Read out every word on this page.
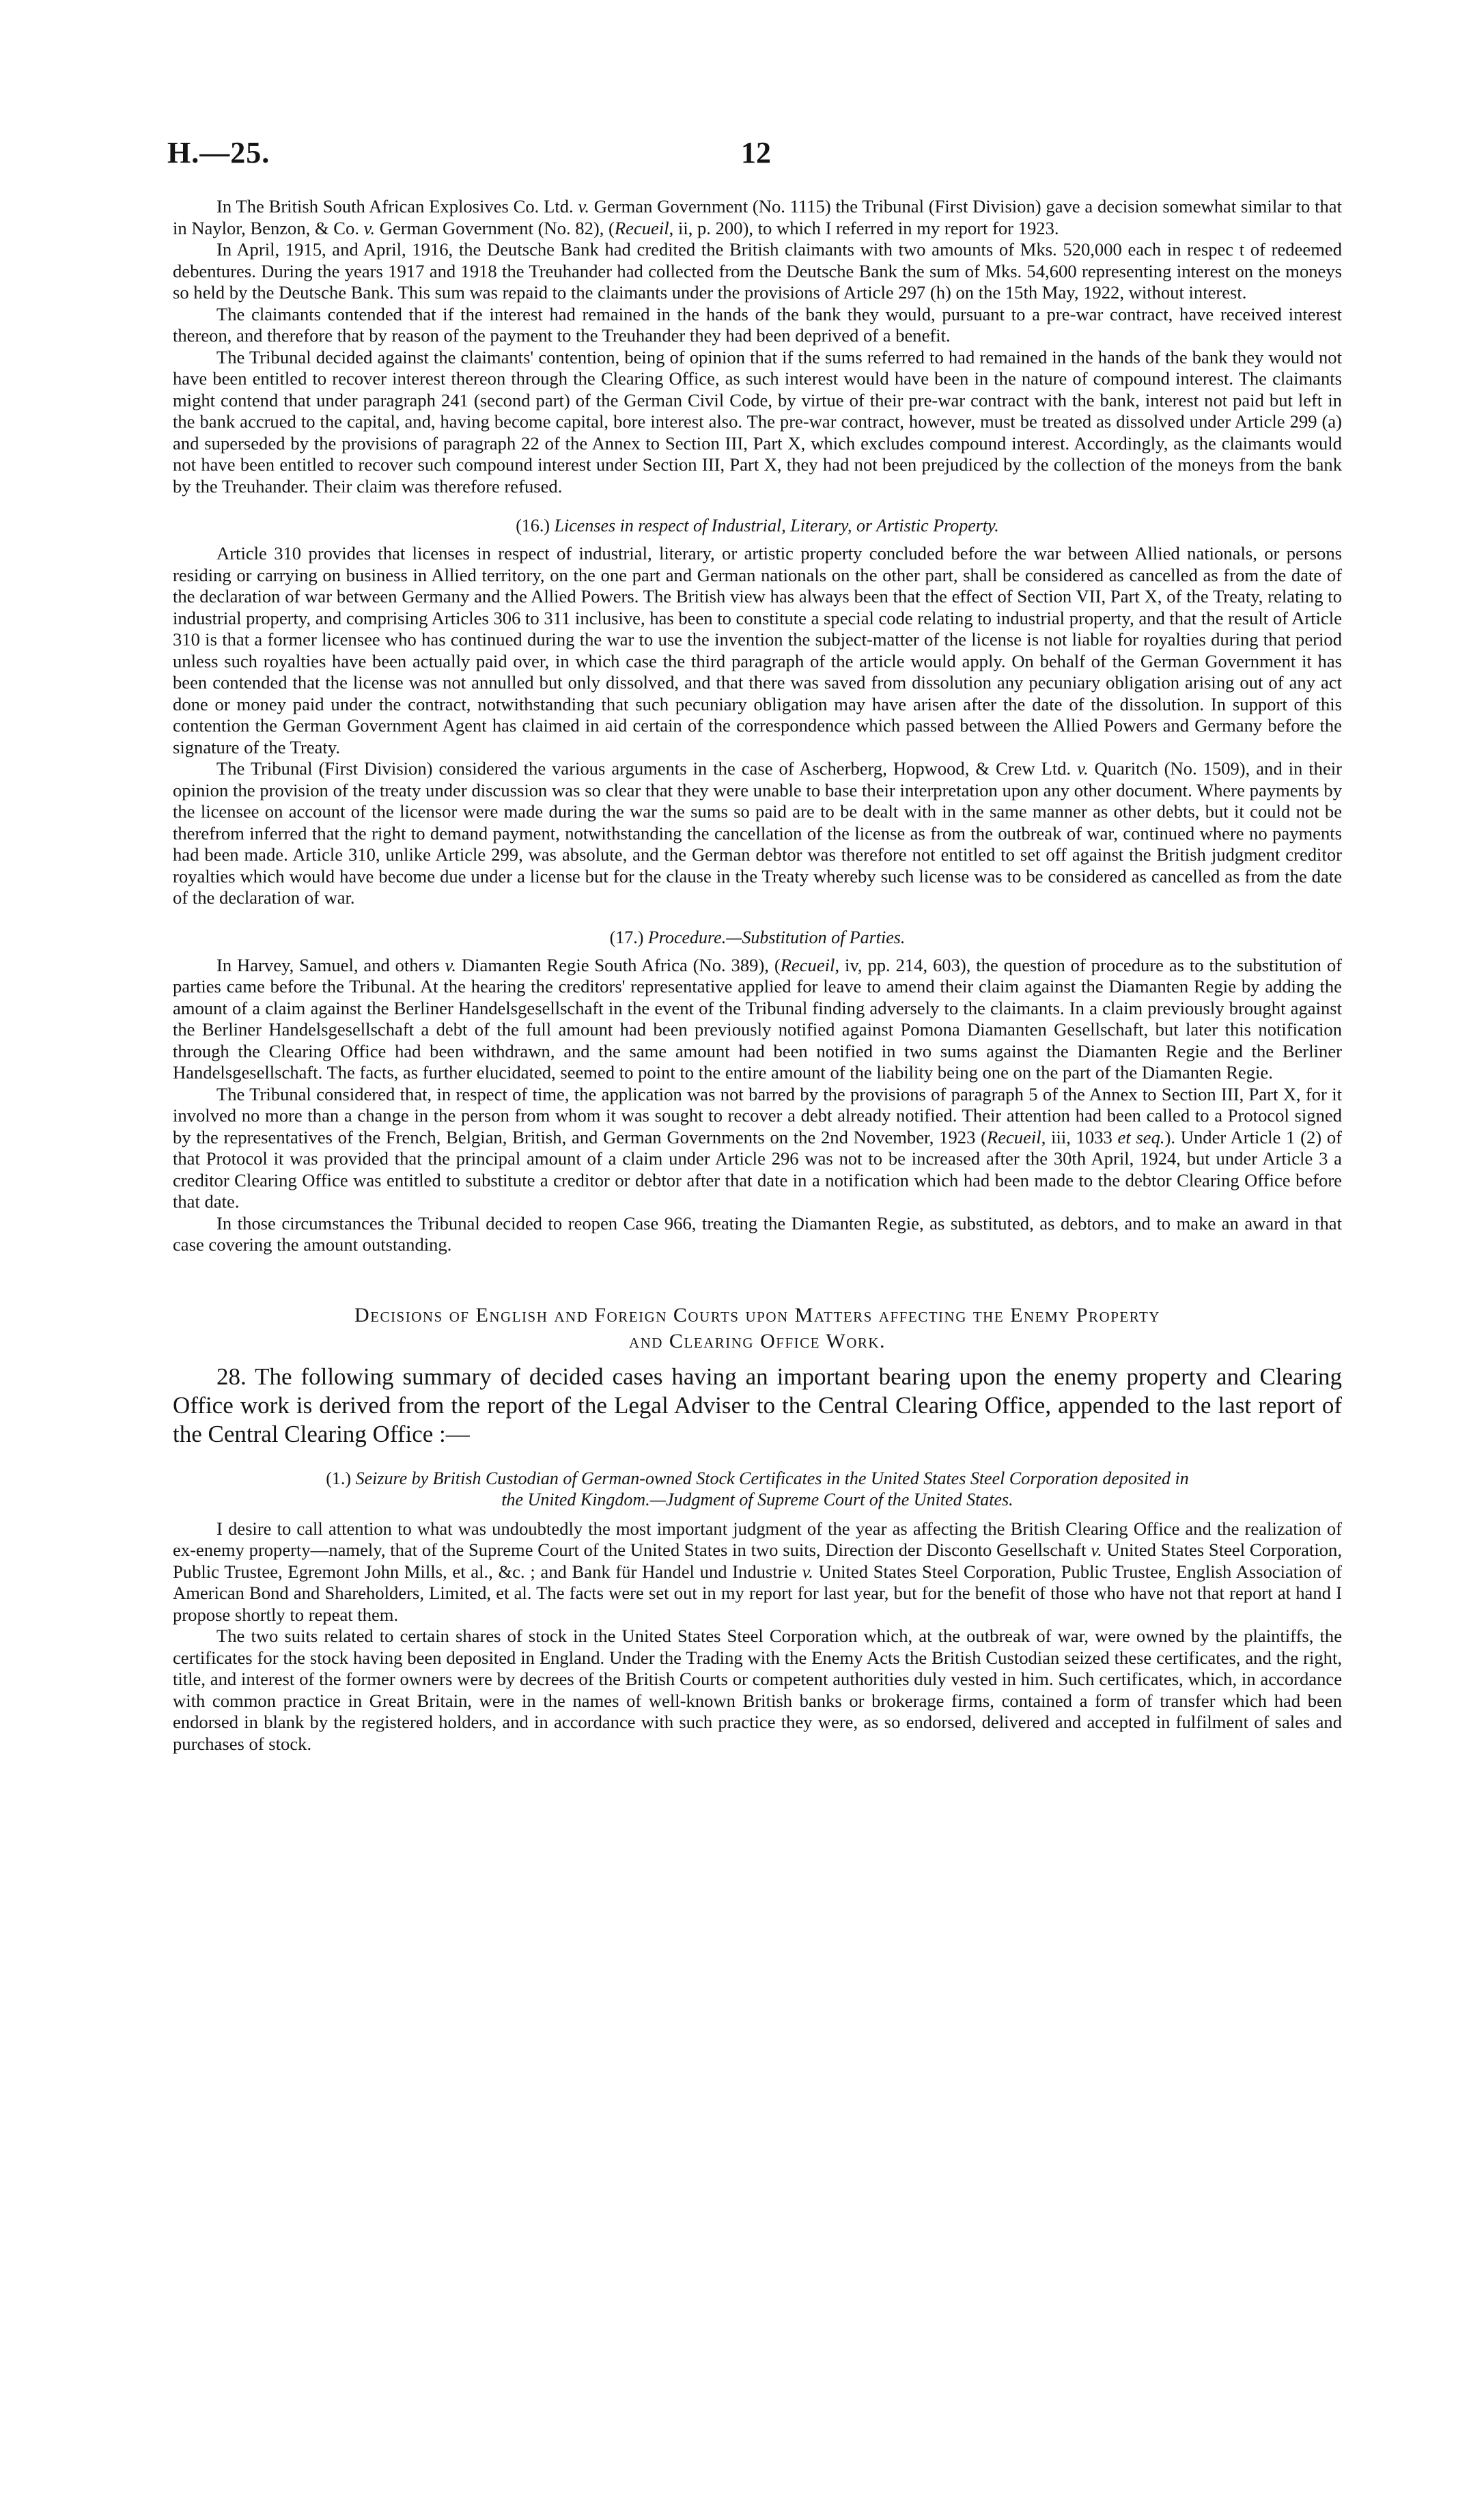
H.—25.	12

In The British South African Explosives Co. Ltd. v. German Government (No. 1115) the Tribunal (First Division) gave a decision somewhat similar to that in Naylor, Benzon, & Co. v. German Government (No. 82), (Recueil, ii, p. 200), to which I referred in my report for 1923.

In April, 1915, and April, 1916, the Deutsche Bank had credited the British claimants with two amounts of Mks. 520,000 each in respec t of redeemed debentures. During the years 1917 and 1918 the Treuhander had collected from the Deutsche Bank the sum of Mks. 54,600 representing interest on the moneys so held by the Deutsche Bank. This sum was repaid to the claimants under the provisions of Article 297 (h) on the 15th May, 1922, without interest.

The claimants contended that if the interest had remained in the hands of the bank they would, pursuant to a pre-war contract, have received interest thereon, and therefore that by reason of the payment to the Treuhander they had been deprived of a benefit.

The Tribunal decided against the claimants' contention, being of opinion that if the sums referred to had remained in the hands of the bank they would not have been entitled to recover interest thereon through the Clearing Office, as such interest would have been in the nature of compound interest. The claimants might contend that under paragraph 241 (second part) of the German Civil Code, by virtue of their pre-war contract with the bank, interest not paid but left in the bank accrued to the capital, and, having become capital, bore interest also. The pre-war contract, however, must be treated as dissolved under Article 299 (a) and superseded by the provisions of paragraph 22 of the Annex to Section III, Part X, which excludes compound interest. Accordingly, as the claimants would not have been entitled to recover such compound interest under Section III, Part X, they had not been prejudiced by the collection of the moneys from the bank by the Treuhander. Their claim was therefore refused.

(16.) Licenses in respect of Industrial, Literary, or Artistic Property.

Article 310 provides that licenses in respect of industrial, literary, or artistic property concluded before the war between Allied nationals, or persons residing or carrying on business in Allied territory, on the one part and German nationals on the other part, shall be considered as cancelled as from the date of the declaration of war between Germany and the Allied Powers. The British view has always been that the effect of Section VII, Part X, of the Treaty, relating to industrial property, and comprising Articles 306 to 311 inclusive, has been to constitute a special code relating to industrial property, and that the result of Article 310 is that a former licensee who has continued during the war to use the invention the subject-matter of the license is not liable for royalties during that period unless such royalties have been actually paid over, in which case the third paragraph of the article would apply. On behalf of the German Government it has been contended that the license was not annulled but only dissolved, and that there was saved from dissolution any pecuniary obligation arising out of any act done or money paid under the contract, notwithstanding that such pecuniary obligation may have arisen after the date of the dissolution. In support of this contention the German Government Agent has claimed in aid certain of the correspondence which passed between the Allied Powers and Germany before the signature of the Treaty.

The Tribunal (First Division) considered the various arguments in the case of Ascherberg, Hopwood, & Crew Ltd. v. Quaritch (No. 1509), and in their opinion the provision of the treaty under discussion was so clear that they were unable to base their interpretation upon any other document. Where payments by the licensee on account of the licensor were made during the war the sums so paid are to be dealt with in the same manner as other debts, but it could not be therefrom inferred that the right to demand payment, notwithstanding the cancellation of the license as from the outbreak of war, continued where no payments had been made. Article 310, unlike Article 299, was absolute, and the German debtor was therefore not entitled to set off against the British judgment creditor royalties which would have become due under a license but for the clause in the Treaty whereby such license was to be considered as cancelled as from the date of the declaration of war.

(17.) Procedure.—Substitution of Parties.

In Harvey, Samuel, and others v. Diamanten Regie South Africa (No. 389), (Recueil, iv, pp. 214, 603), the question of procedure as to the substitution of parties came before the Tribunal. At the hearing the creditors' representative applied for leave to amend their claim against the Diamanten Regie by adding the amount of a claim against the Berliner Handelsgesellschaft in the event of the Tribunal finding adversely to the claimants. In a claim previously brought against the Berliner Handelsgesellschaft a debt of the full amount had been previously notified against Pomona Diamanten Gesellschaft, but later this notification through the Clearing Office had been withdrawn, and the same amount had been notified in two sums against the Diamanten Regie and the Berliner Handelsgesellschaft. The facts, as further elucidated, seemed to point to the entire amount of the liability being one on the part of the Diamanten Regie.

The Tribunal considered that, in respect of time, the application was not barred by the provisions of paragraph 5 of the Annex to Section III, Part X, for it involved no more than a change in the person from whom it was sought to recover a debt already notified. Their attention had been called to a Protocol signed by the representatives of the French, Belgian, British, and German Governments on the 2nd November, 1923 (Recueil, iii, 1033 et seq.). Under Article 1 (2) of that Protocol it was provided that the principal amount of a claim under Article 296 was not to be increased after the 30th April, 1924, but under Article 3 a creditor Clearing Office was entitled to substitute a creditor or debtor after that date in a notification which had been made to the debtor Clearing Office before that date.

In those circumstances the Tribunal decided to reopen Case 966, treating the Diamanten Regie, as substituted, as debtors, and to make an award in that case covering the amount outstanding.

Decisions of English and Foreign Courts upon Matters affecting the Enemy Property
and Clearing Office Work.

28. The following summary of decided cases having an important bearing upon the enemy property and Clearing Office work is derived from the report of the Legal Adviser to the Central Clearing Office, appended to the last report of the Central Clearing Office :—

(1.) Seizure by British Custodian of German-owned Stock Certificates in the United States Steel Corporation deposited in
the United Kingdom.—Judgment of Supreme Court of the United States.

I desire to call attention to what was undoubtedly the most important judgment of the year as affecting the British Clearing Office and the realization of ex-enemy property—namely, that of the Supreme Court of the United States in two suits, Direction der Disconto Gesellschaft v. United States Steel Corporation, Public Trustee, Egremont John Mills, et al., &c. ; and Bank für Handel und Industrie v. United States Steel Corporation, Public Trustee, English Association of American Bond and Shareholders, Limited, et al. The facts were set out in my report for last year, but for the benefit of those who have not that report at hand I propose shortly to repeat them.

The two suits related to certain shares of stock in the United States Steel Corporation which, at the outbreak of war, were owned by the plaintiffs, the certificates for the stock having been deposited in England. Under the Trading with the Enemy Acts the British Custodian seized these certificates, and the right, title, and interest of the former owners were by decrees of the British Courts or competent authorities duly vested in him. Such certificates, which, in accordance with common practice in Great Britain, were in the names of well-known British banks or brokerage firms, contained a form of transfer which had been endorsed in blank by the registered holders, and in accordance with such practice they were, as so endorsed, delivered and accepted in fulfilment of sales and purchases of stock.
